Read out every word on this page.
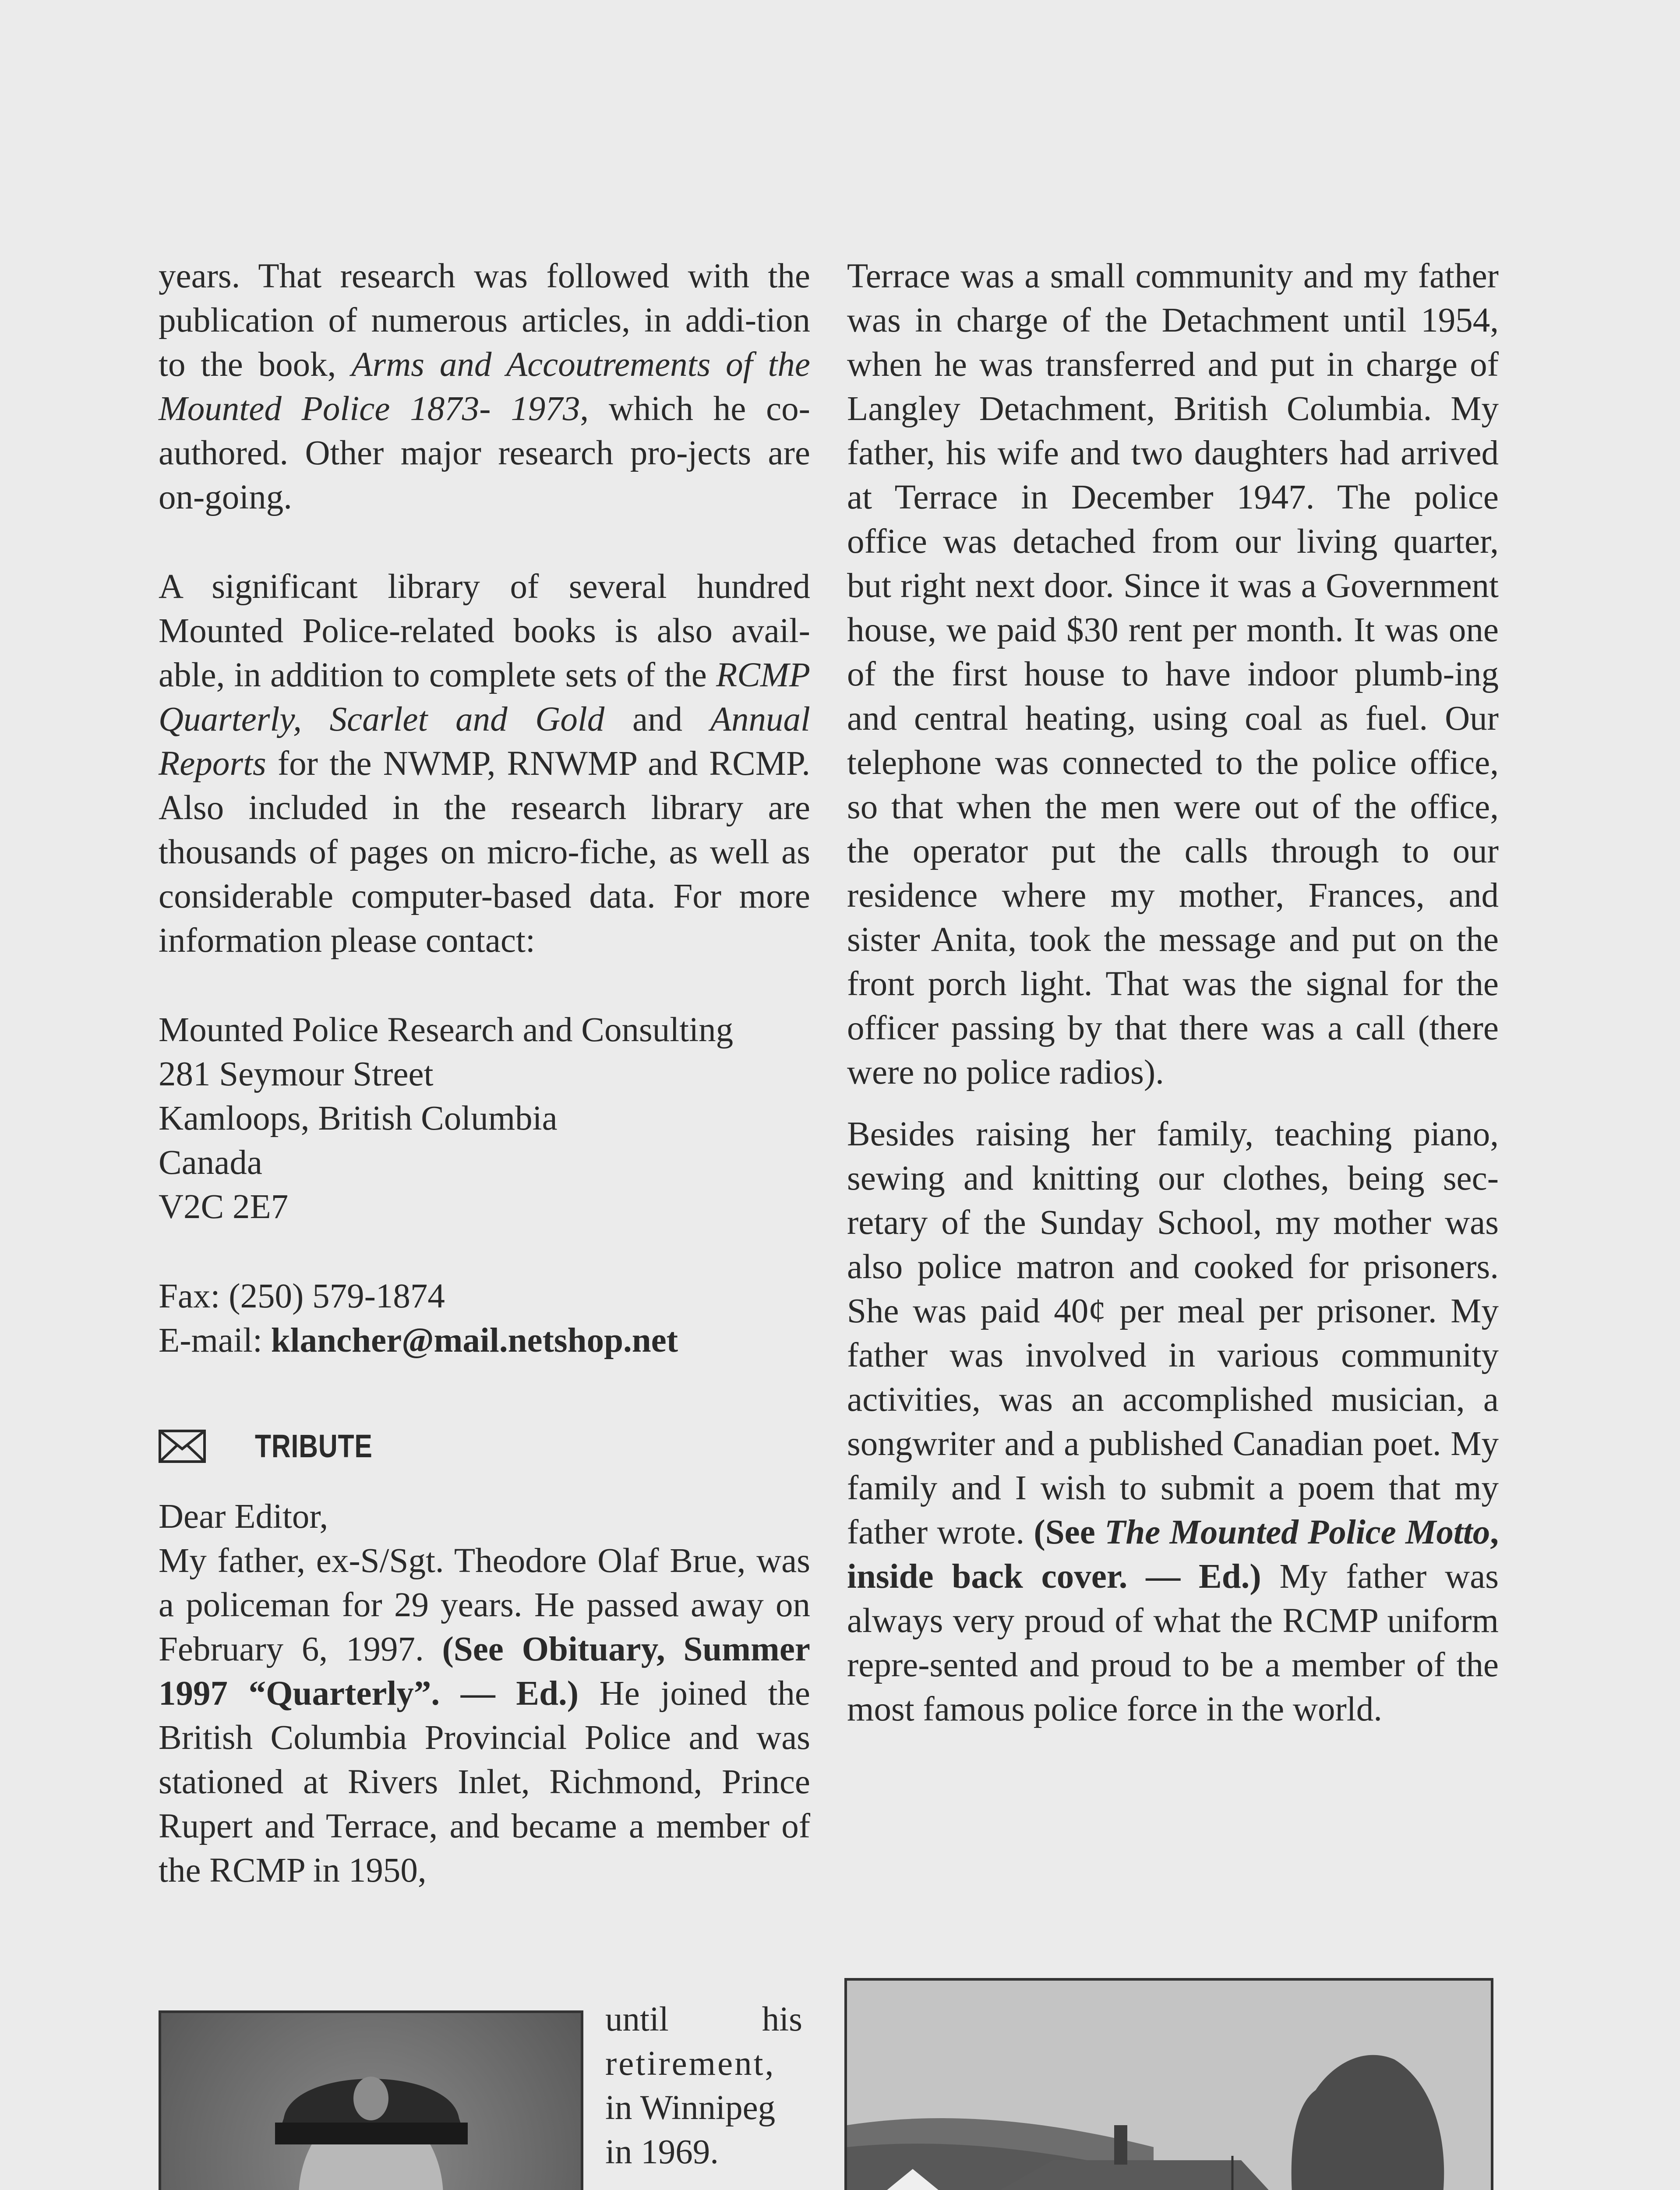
years. That research was followed with the publication of numerous articles, in addi-tion to the book, Arms and Accoutrements of the Mounted Police 1873- 1973, which he co-authored. Other major research pro-jects are on-going.

A significant library of several hundred Mounted Police-related books is also avail-able, in addition to complete sets of the RCMP Quarterly, Scarlet and Gold and Annual Reports for the NWMP, RNWMP and RCMP. Also included in the research library are thousands of pages on micro-fiche, as well as considerable computer-based data. For more information please contact:

Mounted Police Research and Consulting
281 Seymour Street
Kamloops, British Columbia
Canada
V2C 2E7
Fax: (250) 579-1874
E-mail: klancher@mail.netshop.net
TRIBUTE
Dear Editor,

My father, ex-S/Sgt. Theodore Olaf Brue, was a policeman for 29 years. He passed away on February 6, 1997. (See Obituary, Summer 1997 “Quarterly”. — Ed.) He joined the British Columbia Provincial Police and was stationed at Rivers Inlet, Richmond, Prince Rupert and Terrace, and became a member of the RCMP in 1950,

until his
retirement,
in Winnipeg
in 1969.

Terrace was a small community and my father was in charge of the Detachment until 1954, when he was transferred and put in charge of Langley Detachment, British Columbia. My father, his wife and two daughters had arrived at Terrace in December 1947. The police office was detached from our living quarter, but right next door. Since it was a Government house, we paid $30 rent per month. It was one of the first house to have indoor plumb-ing and central heating, using coal as fuel. Our telephone was connected to the police office, so that when the men were out of the office, the operator put the calls through to our residence where my mother, Frances, and sister Anita, took the message and put on the front porch light. That was the signal for the officer passing by that there was a call (there were no police radios).

Besides raising her family, teaching piano, sewing and knitting our clothes, being sec-retary of the Sunday School, my mother was also police matron and cooked for prisoners. She was paid 40¢ per meal per prisoner. My father was involved in various community activities, was an accomplished musician, a songwriter and a published Canadian poet. My family and I wish to submit a poem that my father wrote. (See The Mounted Police Motto, inside back cover. — Ed.) My father was always very proud of what the RCMP uniform repre-sented and proud to be a member of the most famous police force in the world.
